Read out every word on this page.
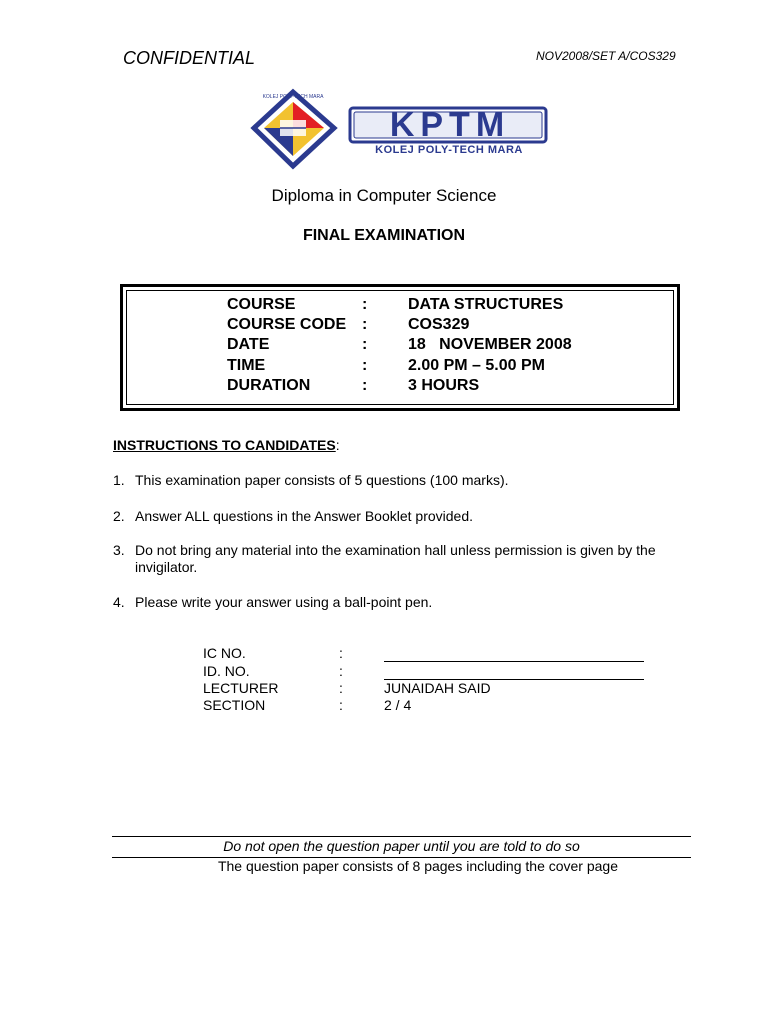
CONFIDENTIAL	NOV2008/SET A/COS329
KOLEJ POLY-TECH MARA
KPTM
KOLEJ POLY-TECH MARA
Diploma in Computer Science
FINAL EXAMINATION
COURSE	:	DATA STRUCTURES
COURSE CODE :	COS329
DATE	:	18   NOVEMBER 2008
TIME	:	2.00 PM – 5.00 PM
DURATION	:	3 HOURS
INSTRUCTIONS TO CANDIDATES:
1. This examination paper consists of 5 questions (100 marks).
2. Answer ALL questions in the Answer Booklet provided.
3. Do not bring any material into the examination hall unless permission is given by the invigilator.
4. Please write your answer using a ball-point pen.
IC NO.	:
ID. NO.	:
LECTURER	:	JUNAIDAH SAID
SECTION	:	2 / 4
Do not open the question paper until you are told to do so
The question paper consists of 8 pages including the cover page
